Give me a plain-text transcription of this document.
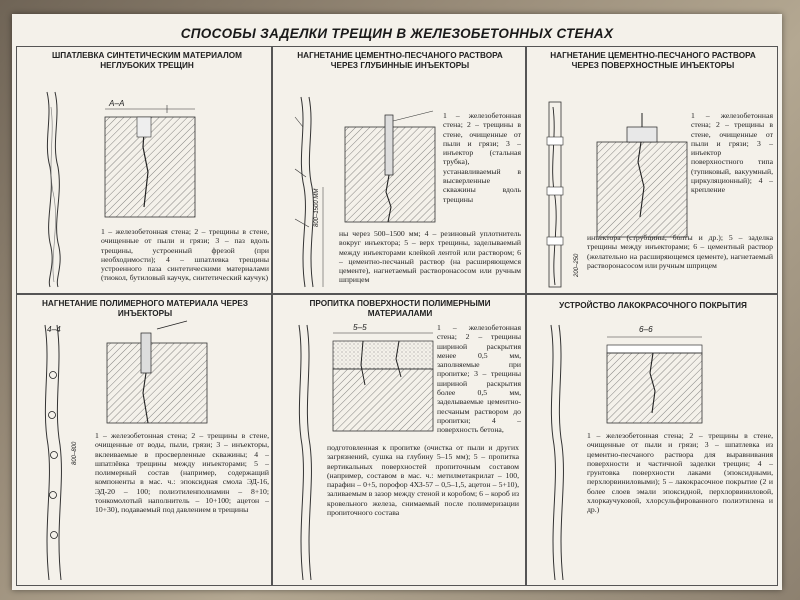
СПОСОБЫ ЗАДЕЛКИ ТРЕЩИН В ЖЕЛЕЗОБЕТОННЫХ СТЕНАХ
ШПАТЛЕВКА СИНТЕТИЧЕСКИМ МАТЕРИАЛОМ НЕГЛУБОКИХ ТРЕЩИН
A–A
1 – железобетонная стена; 2 – трещины в стене, очищенные от пыли и грязи; 3 – паз вдоль трещины, устроенный фрезой (при необходимости); 4 – шпатлевка трещины устроенного паза синтетическими материалами (тиокол, бутиловый каучук, синтетический каучук)
НАГНЕТАНИЕ ЦЕМЕНТНО-ПЕСЧАНОГО РАСТВОРА ЧЕРЕЗ ГЛУБИННЫЕ ИНЪЕКТОРЫ
800–1500 ММ
1 – железобетонная стена; 2 – трещины в стене, очищенные от пыли и грязи; 3 – инъектор (стальная трубка), устанавливаемый в высверленные скважины вдоль трещины
ны через 500–1500 мм; 4 – резиновый уплотнитель вокруг инъектора; 5 – верх трещины, заделываемый между инъекторами клейкой лентой или раствором; 6 – цементно-песчаный раствор (на расширяющемся цементе), нагнетаемый растворонасосом или ручным шприцем
НАГНЕТАНИЕ ЦЕМЕНТНО-ПЕСЧАНОГО РАСТВОРА ЧЕРЕЗ ПОВЕРХНОСТНЫЕ ИНЪЕКТОРЫ
200–250
1 – железобетонная стена; 2 – трещины в стене, очищенные от пыли и грязи; 3 – инъектор поверхностного типа (тупиковый, вакуумный, циркуляционный); 4 – крепление
инъектора (струбцины, болты и др.); 5 – заделка трещины между инъекторами; 6 – цементный раствор (желательно на расширяющемся цементе), нагнетаемый растворонасосом или ручным шприцем
НАГНЕТАНИЕ ПОЛИМЕРНОГО МАТЕРИАЛА ЧЕРЕЗ ИНЪЕКТОРЫ
4–4
800–800
1 – железобетонная стена; 2 – трещины в стене, очищенные от воды, пыли, грязи; 3 – инъекторы, вклеиваемые в просверленные скважины; 4 – шпатлёвка трещины между инъекторами; 5 – полимерный состав (например, содержащий компоненты в мас. ч.: эпоксидная смола ЭД-16, ЭД-20 – 100; полиэтиленполиамин – 8+10; тонкомолотый наполнитель – 10+100; ацетон – 10+30), подаваемый под давлением в трещины
ПРОПИТКА ПОВЕРХНОСТИ ПОЛИМЕРНЫМИ МАТЕРИАЛАМИ
5–5	1 – железобетонная стена; 2 – трещины шириной раскрытия менее 0,5 мм, заполняемые при пропитке; 3 – трещины шириной раскрытия более 0,5 мм, заделываемые цементно-песчаным раствором до пропитки; 4 – поверхность бетона,
подготовленная к пропитке (очистка от пыли и других загрязнений, сушка на глубину 5–15 мм); 5 – пропитка вертикальных поверхностей пропиточным составом (например, составом в мас. ч.: метилметакрилат – 100, парафин – 0+5, порофор 4ХЗ-57 – 0,5–1,5, ацетон – 5+10), заливаемым в зазор между стеной и коробом; 6 – короб из кровельного железа, снимаемый после полимеризации пропиточного состава
УСТРОЙСТВО ЛАКОКРАСОЧНОГО ПОКРЫТИЯ
6–6
1 – железобетонная стена; 2 – трещины в стене, очищенные от пыли и грязи; 3 – шпатлевка из цементно-песчаного раствора для выравнивания поверхности и частичной заделки трещин; 4 – грунтовка поверхности лаками (эпоксидными, перхлорвиниловыми); 5 – лакокрасочное покрытие (2 и более слоев эмали эпоксидной, перхлорвиниловой, хлоркаучуковой, хлорсульфированного полиэтилена и др.)
